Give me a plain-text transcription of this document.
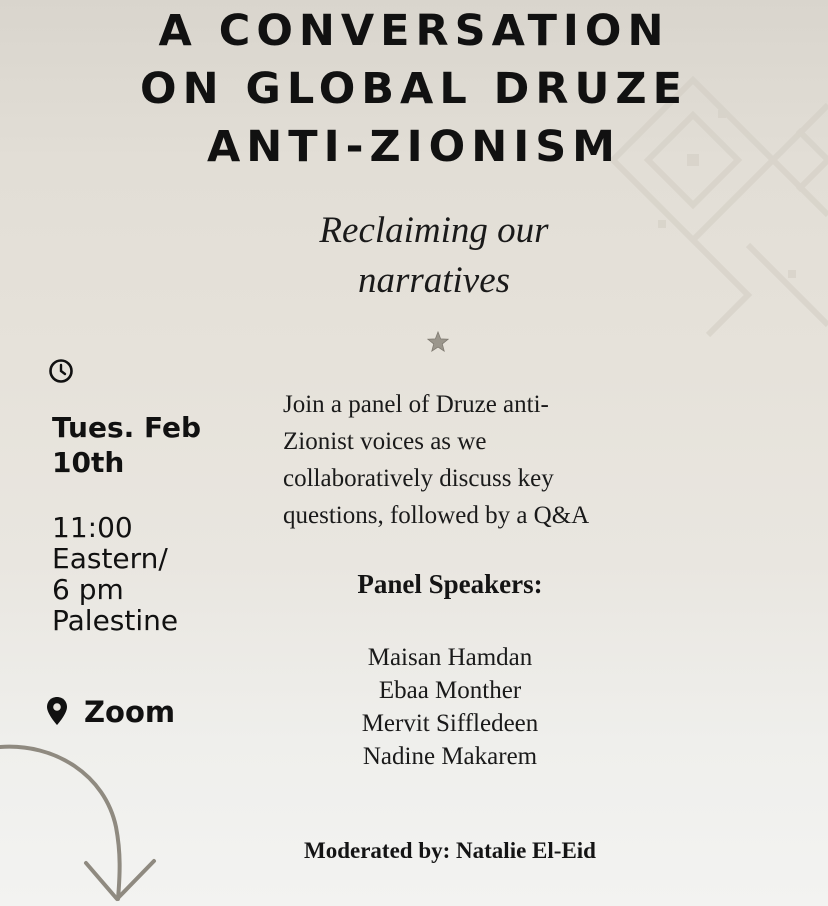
A CONVERSATION
ON GLOBAL DRUZE
ANTI-ZIONISM
Reclaiming our
narratives
Tues. Feb 10th
11:00
Eastern/
6 pm
Palestine
Zoom

Join a panel of Druze anti-
Zionist voices as we
collaboratively discuss key
questions, followed by a Q&A

Panel Speakers:
Maisan Hamdan
Ebaa Monther
Mervit Siffledeen
Nadine Makarem
Moderated by: Natalie El-Eid
